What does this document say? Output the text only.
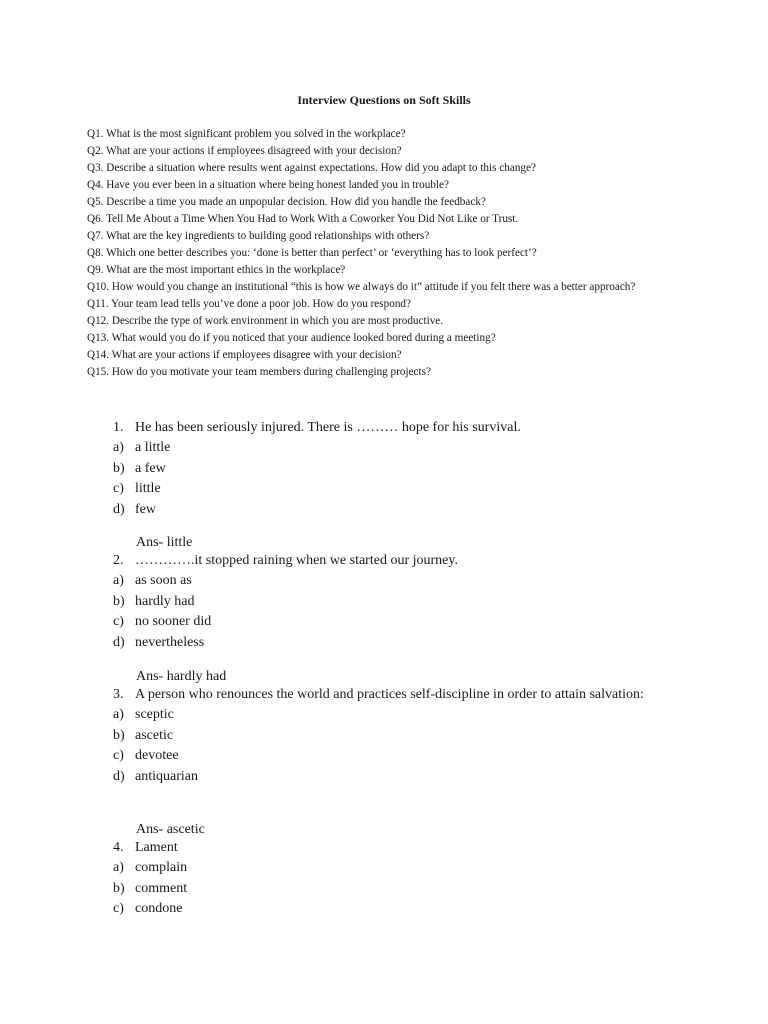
Interview Questions on Soft Skills
Q1. What is the most significant problem you solved in the workplace?
Q2. What are your actions if employees disagreed with your decision?
Q3. Describe a situation where results went against expectations. How did you adapt to this change?
Q4. Have you ever been in a situation where being honest landed you in trouble?
Q5. Describe a time you made an unpopular decision. How did you handle the feedback?
Q6. Tell Me About a Time When You Had to Work With a Coworker You Did Not Like or Trust.
Q7. What are the key ingredients to building good relationships with others?
Q8. Which one better describes you: ‘done is better than perfect’ or ‘everything has to look perfect’?
Q9. What are the most important ethics in the workplace?
Q10. How would you change an institutional “this is how we always do it” attitude if you felt there was a better approach?
Q11. Your team lead tells you’ve done a poor job. How do you respond?
Q12. Describe the type of work environment in which you are most productive.
Q13. What would you do if you noticed that your audience looked bored during a meeting?
Q14. What are your actions if employees disagree with your decision?
Q15. How do you motivate your team members during challenging projects?
1. He has been seriously injured. There is ……… hope for his survival.
a) a little
b) a few
c) little
d) few
Ans- little
2. ………….it stopped raining when we started our journey.
a) as soon as
b) hardly had
c) no sooner did
d) nevertheless
Ans- hardly had
3. A person who renounces the world and practices self-discipline in order to attain salvation:
a) sceptic
b) ascetic
c) devotee
d) antiquarian
Ans- ascetic
4. Lament
a) complain
b) comment
c) condone
